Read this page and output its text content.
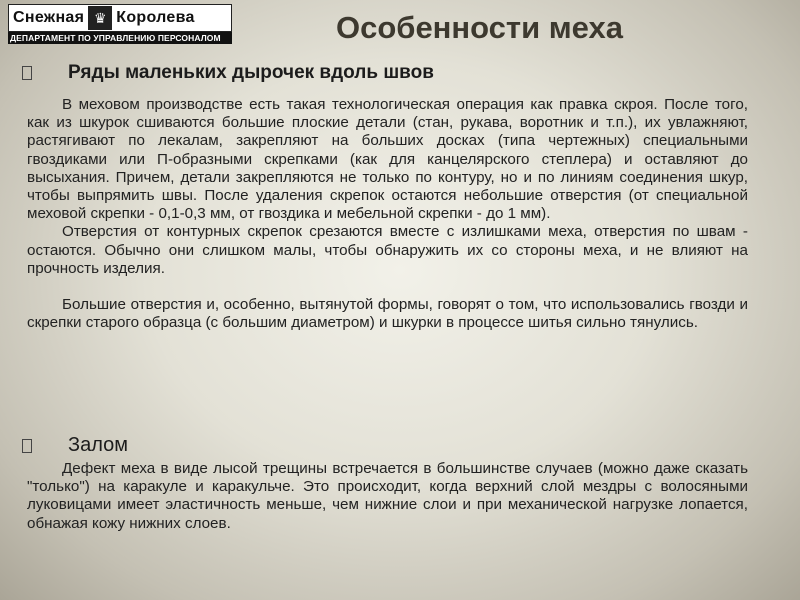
Снежная ♛ Королева
ДЕПАРТАМЕНТ ПО УПРАВЛЕНИЮ ПЕРСОНАЛОМ	Особенности меха
Ряды маленьких дырочек вдоль швов

В меховом производстве есть такая технологическая операция как правка скроя. После того, как из шкурок сшиваются большие плоские детали (стан, рукава, воротник и т.п.), их увлажняют, растягивают по лекалам, закрепляют на больших досках (типа чертежных) специальными гвоздиками или П-образными скрепками (как для канцелярского степлера) и оставляют до высыхания. Причем, детали закрепляются не только по контуру, но и по линиям соединения шкур, чтобы выпрямить швы. После удаления скрепок остаются небольшие отверстия (от специальной меховой скрепки - 0,1-0,3 мм, от гвоздика и мебельной скрепки - до 1 мм).

Отверстия от контурных скрепок срезаются вместе с излишками меха, отверстия по швам - остаются. Обычно они слишком малы, чтобы обнаружить их со стороны меха, и не влияют на прочность изделия.

Большие отверстия и, особенно, вытянутой формы, говорят о том, что использовались гвозди и скрепки старого образца (с большим диаметром) и шкурки в процессе шитья сильно тянулись.

Залом

Дефект меха в виде лысой трещины встречается в большинстве случаев (можно даже сказать "только") на каракуле и каракульче. Это происходит, когда верхний слой мездры с волосяными луковицами имеет эластичность меньше, чем нижние слои и при механической нагрузке лопается, обнажая кожу нижних слоев.
